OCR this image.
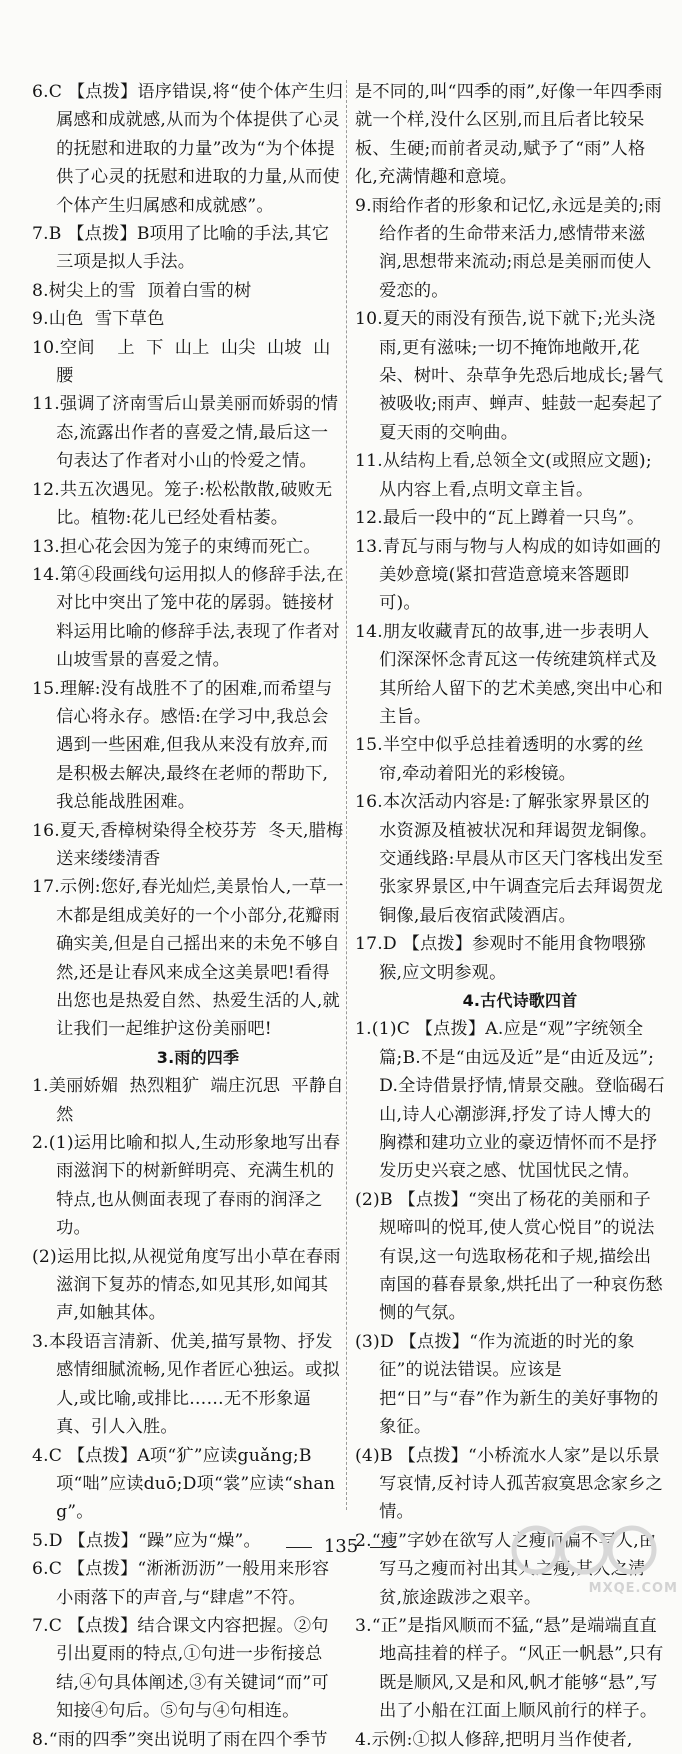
6.C 【点拨】语序错误,将“使个体产生归属感和成就感,从而为个体提供了心灵的抚慰和进取的力量”改为“为个体提供了心灵的抚慰和进取的力量,从而使个体产生归属感和成就感”。
7.B 【点拨】B项用了比喻的手法,其它三项是拟人手法。
8.树尖上的雪  顶着白雪的树
9.山色  雪下草色
10.空间    上  下  山上  山尖  山坡  山腰
11.强调了济南雪后山景美丽而娇弱的情态,流露出作者的喜爱之情,最后这一句表达了作者对小山的怜爱之情。
12.共五次遇见。笼子:松松散散,破败无比。植物:花儿已经处看枯萎。
13.担心花会因为笼子的束缚而死亡。
14.第④段画线句运用拟人的修辞手法,在对比中突出了笼中花的孱弱。链接材料运用比喻的修辞手法,表现了作者对山坡雪景的喜爱之情。
15.理解:没有战胜不了的困难,而希望与信心将永存。感悟:在学习中,我总会遇到一些困难,但我从来没有放弃,而是积极去解决,最终在老师的帮助下,我总能战胜困难。
16.夏天,香樟树染得全校芬芳  冬天,腊梅送来缕缕清香
17.示例:您好,春光灿烂,美景怡人,一草一木都是组成美好的一个小部分,花瓣雨确实美,但是自己摇出来的未免不够自然,还是让春风来成全这美景吧!看得出您也是热爱自然、热爱生活的人,就让我们一起维护这份美丽吧!
3.雨的四季
1.美丽娇媚  热烈粗犷  端庄沉思  平静自然
2.(1)运用比喻和拟人,生动形象地写出春雨滋润下的树新鲜明亮、充满生机的特点,也从侧面表现了春雨的润泽之功。
(2)运用比拟,从视觉角度写出小草在春雨滋润下复苏的情态,如见其形,如闻其声,如触其体。
3.本段语言清新、优美,描写景物、抒发感情细腻流畅,见作者匠心独运。或拟人,或比喻,或排比……无不形象逼真、引人入胜。
4.C 【点拨】A项“犷”应读guǎng;B项“咄”应读duō;D项“裳”应读“shang”。
5.D 【点拨】“躁”应为“燥”。
6.C 【点拨】“淅淅沥沥”一般用来形容小雨落下的声音,与“肆虐”不符。
7.C 【点拨】结合课文内容把握。②句引出夏雨的特点,①句进一步衔接总结,④句具体阐述,③有关键词“而”可知接④句后。⑤句与④句相连。
8.“雨的四季”突出说明了雨在四个季节
是不同的,叫“四季的雨”,好像一年四季雨就一个样,没什么区别,而且后者比较呆板、生硬;而前者灵动,赋予了“雨”人格化,充满情趣和意境。
9.雨给作者的形象和记忆,永远是美的;雨给作者的生命带来活力,感情带来滋润,思想带来流动;雨总是美丽而使人爱恋的。
10.夏天的雨没有预告,说下就下;光头浇雨,更有滋味;一切不掩饰地敞开,花朵、树叶、杂草争先恐后地成长;暑气被吸收;雨声、蝉声、蛙鼓一起奏起了夏天雨的交响曲。
11.从结构上看,总领全文(或照应文题);从内容上看,点明文章主旨。
12.最后一段中的“瓦上蹲着一只鸟”。
13.青瓦与雨与物与人构成的如诗如画的美妙意境(紧扣营造意境来答题即可)。
14.朋友收藏青瓦的故事,进一步表明人们深深怀念青瓦这一传统建筑样式及其所给人留下的艺术美感,突出中心和主旨。
15.半空中似乎总挂着透明的水雾的丝帘,牵动着阳光的彩梭镜。
16.本次活动内容是:了解张家界景区的水资源及植被状况和拜谒贺龙铜像。交通线路:早晨从市区天门客栈出发至张家界景区,中午调查完后去拜谒贺龙铜像,最后夜宿武陵酒店。
17.D 【点拨】参观时不能用食物喂猕猴,应文明参观。
4.古代诗歌四首
1.(1)C 【点拨】A.应是“观”字统领全篇;B.不是“由远及近”是“由近及远”;D.全诗借景抒情,情景交融。登临碣石山,诗人心潮澎湃,抒发了诗人博大的胸襟和建功立业的豪迈情怀而不是抒发历史兴衰之感、忧国忧民之情。
(2)B 【点拨】“突出了杨花的美丽和子规啼叫的悦耳,使人赏心悦目”的说法有误,这一句选取杨花和子规,描绘出南国的暮春景象,烘托出了一种哀伤愁恻的气氛。
(3)D 【点拨】“作为流逝的时光的象征”的说法错误。应该是把“日”与“春”作为新生的美好事物的象征。
(4)B 【点拨】“小桥流水人家”是以乐景写哀情,反衬诗人孤苦寂寞思念家乡之情。
2.“瘦”字妙在欲写人之瘦而偏不写人,由写马之瘦而衬出其人之瘦,其人之清贫,旅途跋涉之艰辛。
3.“正”是指风顺而不猛,“悬”是端端直直地高挂着的样子。“风正一帆悬”,只有既是顺风,又是和风,帆才能够“悬”,写出了小船在江面上顺风前行的样子。
4.示例:①拟人修辞,把明月当作使者,
135
MXQE.COM
